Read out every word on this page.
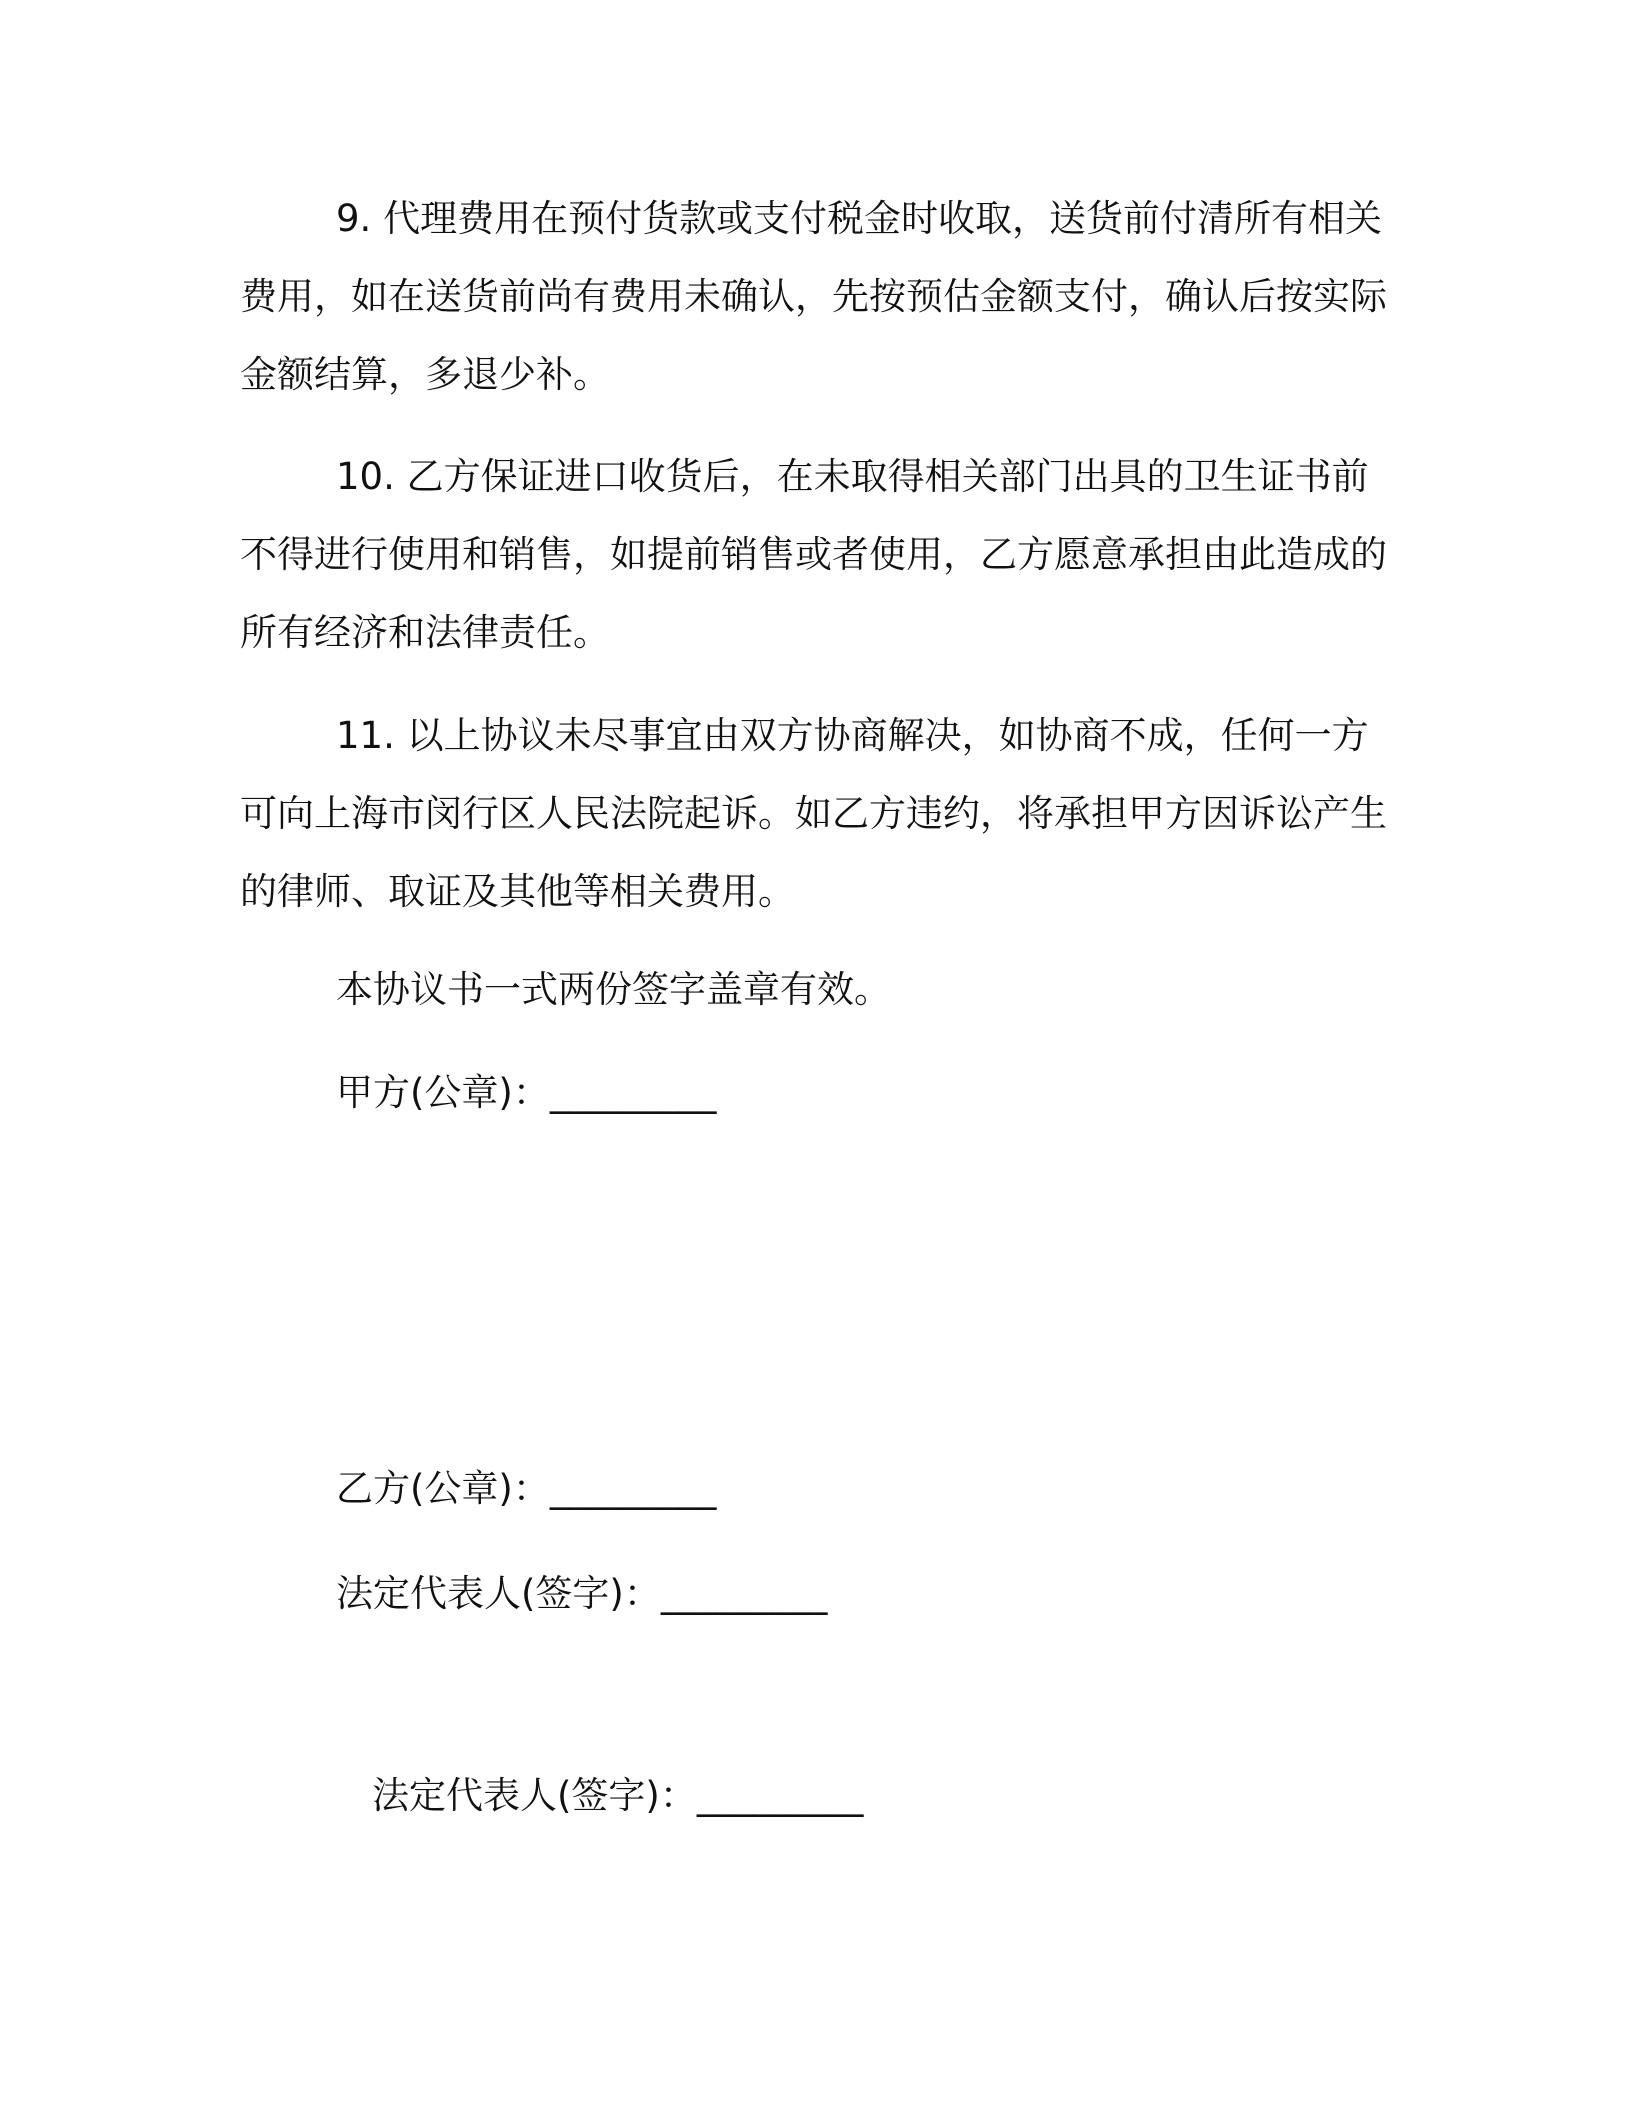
9. 代理费用在预付货款或支付税金时收取，送货前付清所有相关费用，如在送货前尚有费用未确认，先按预估金额支付，确认后按实际金额结算，多退少补。
10. 乙方保证进口收货后，在未取得相关部门出具的卫生证书前不得进行使用和销售，如提前销售或者使用，乙方愿意承担由此造成的所有经济和法律责任。
11. 以上协议未尽事宜由双方协商解决，如协商不成，任何一方可向上海市闵行区人民法院起诉。如乙方违约，将承担甲方因诉讼产生的律师、取证及其他等相关费用。
本协议书一式两份签字盖章有效。
甲方(公章)：_________
乙方(公章)：_________
法定代表人(签字)：_________
法定代表人(签字)：_________
